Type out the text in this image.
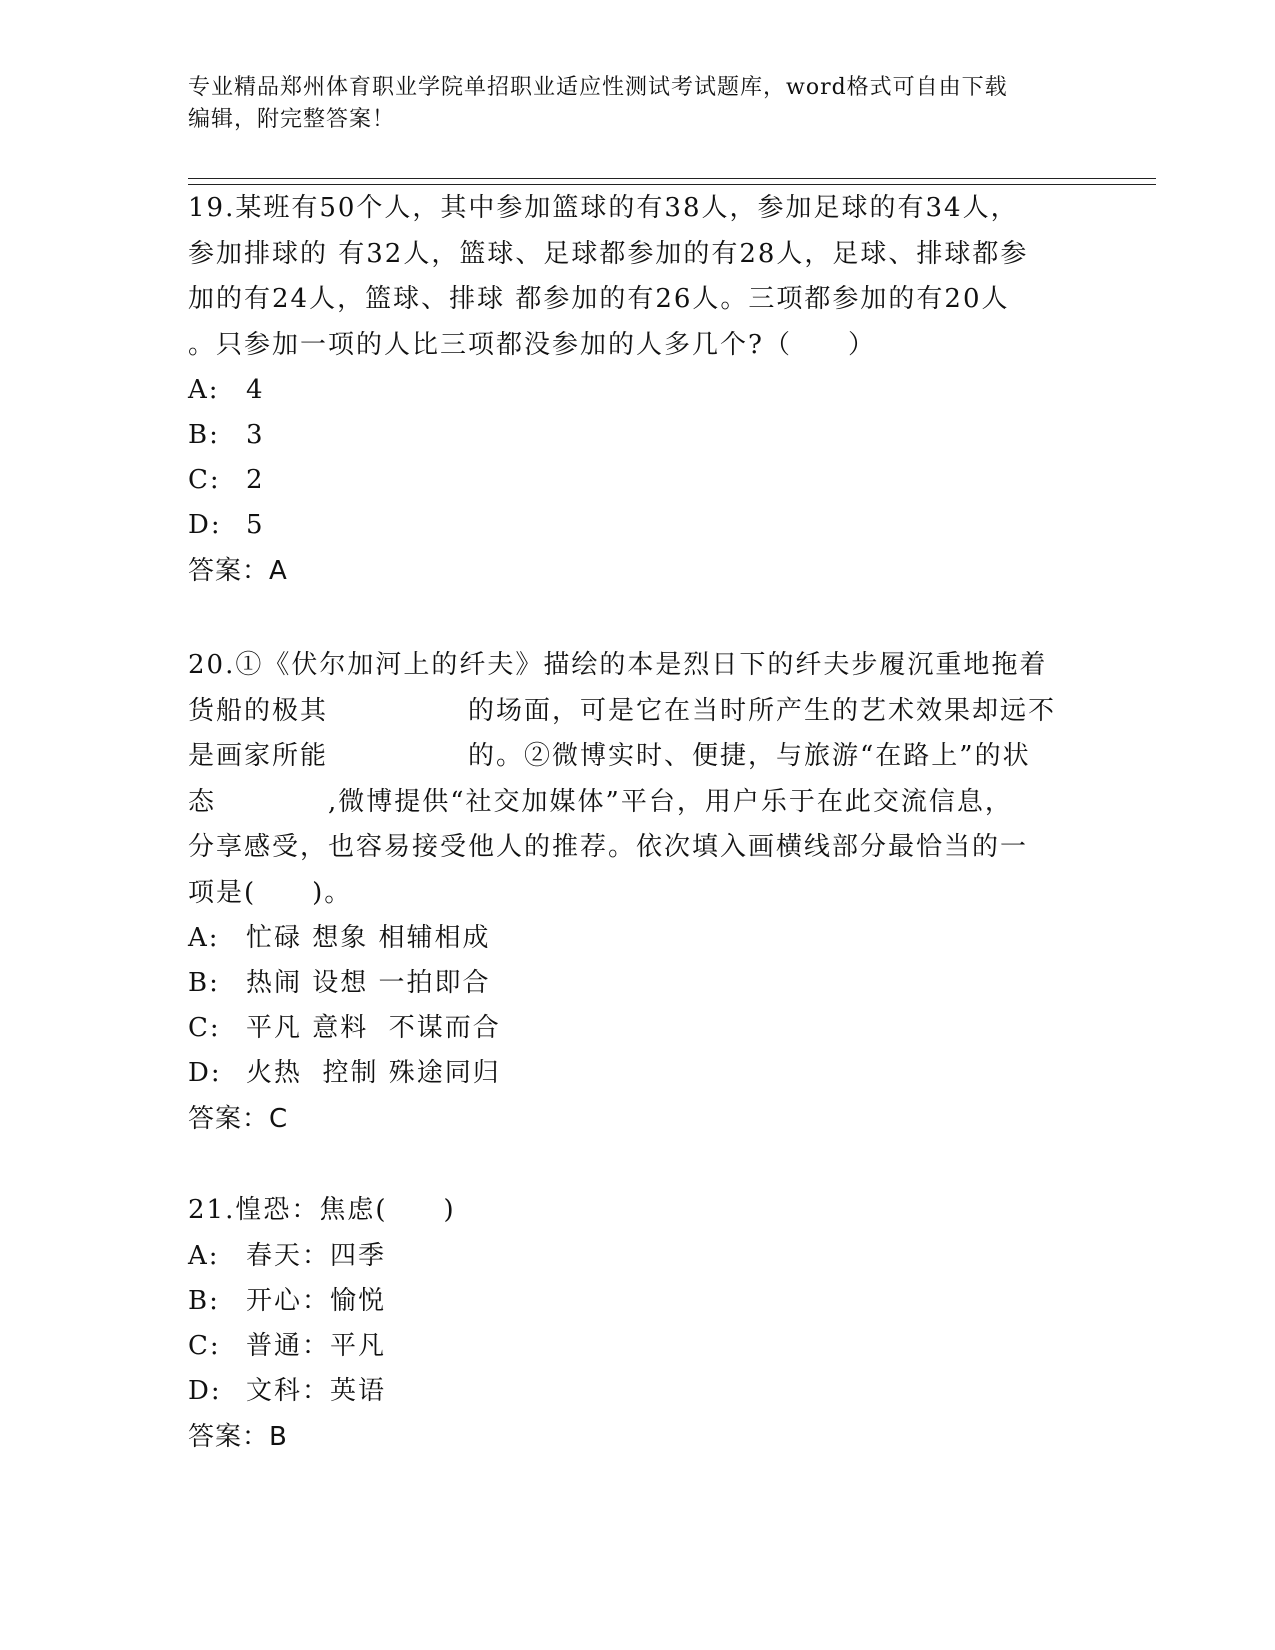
专业精品郑州体育职业学院单招职业适应性测试考试题库，word格式可自由下载
编辑，附完整答案！
19.某班有50个人，其中参加篮球的有38人，参加足球的有34人，
参加排球的 有32人，篮球、足球都参加的有28人，足球、排球都参
加的有24人，篮球、排球 都参加的有26人。三项都参加的有20人
。只参加一项的人比三项都没参加的人多几个?（　　）
A: 4
B: 3
C: 2
D: 5
答案：A
20.①《伏尔加河上的纤夫》描绘的本是烈日下的纤夫步履沉重地拖着
货船的极其　　　　　的场面，可是它在当时所产生的艺术效果却远不
是画家所能　　　　　的。②微博实时、便捷，与旅游“在路上”的状
态　　　　,微博提供“社交加媒体”平台，用户乐于在此交流信息，
分享感受，也容易接受他人的推荐。依次填入画横线部分最恰当的一
项是(　　)。
A: 忙碌 想象 相辅相成
B: 热闹 设想 一拍即合
C: 平凡 意料  不谋而合
D: 火热  控制 殊途同归
答案：C
21.惶恐：焦虑(　　)
A: 春天：四季
B: 开心：愉悦
C: 普通：平凡
D: 文科：英语
答案：B
